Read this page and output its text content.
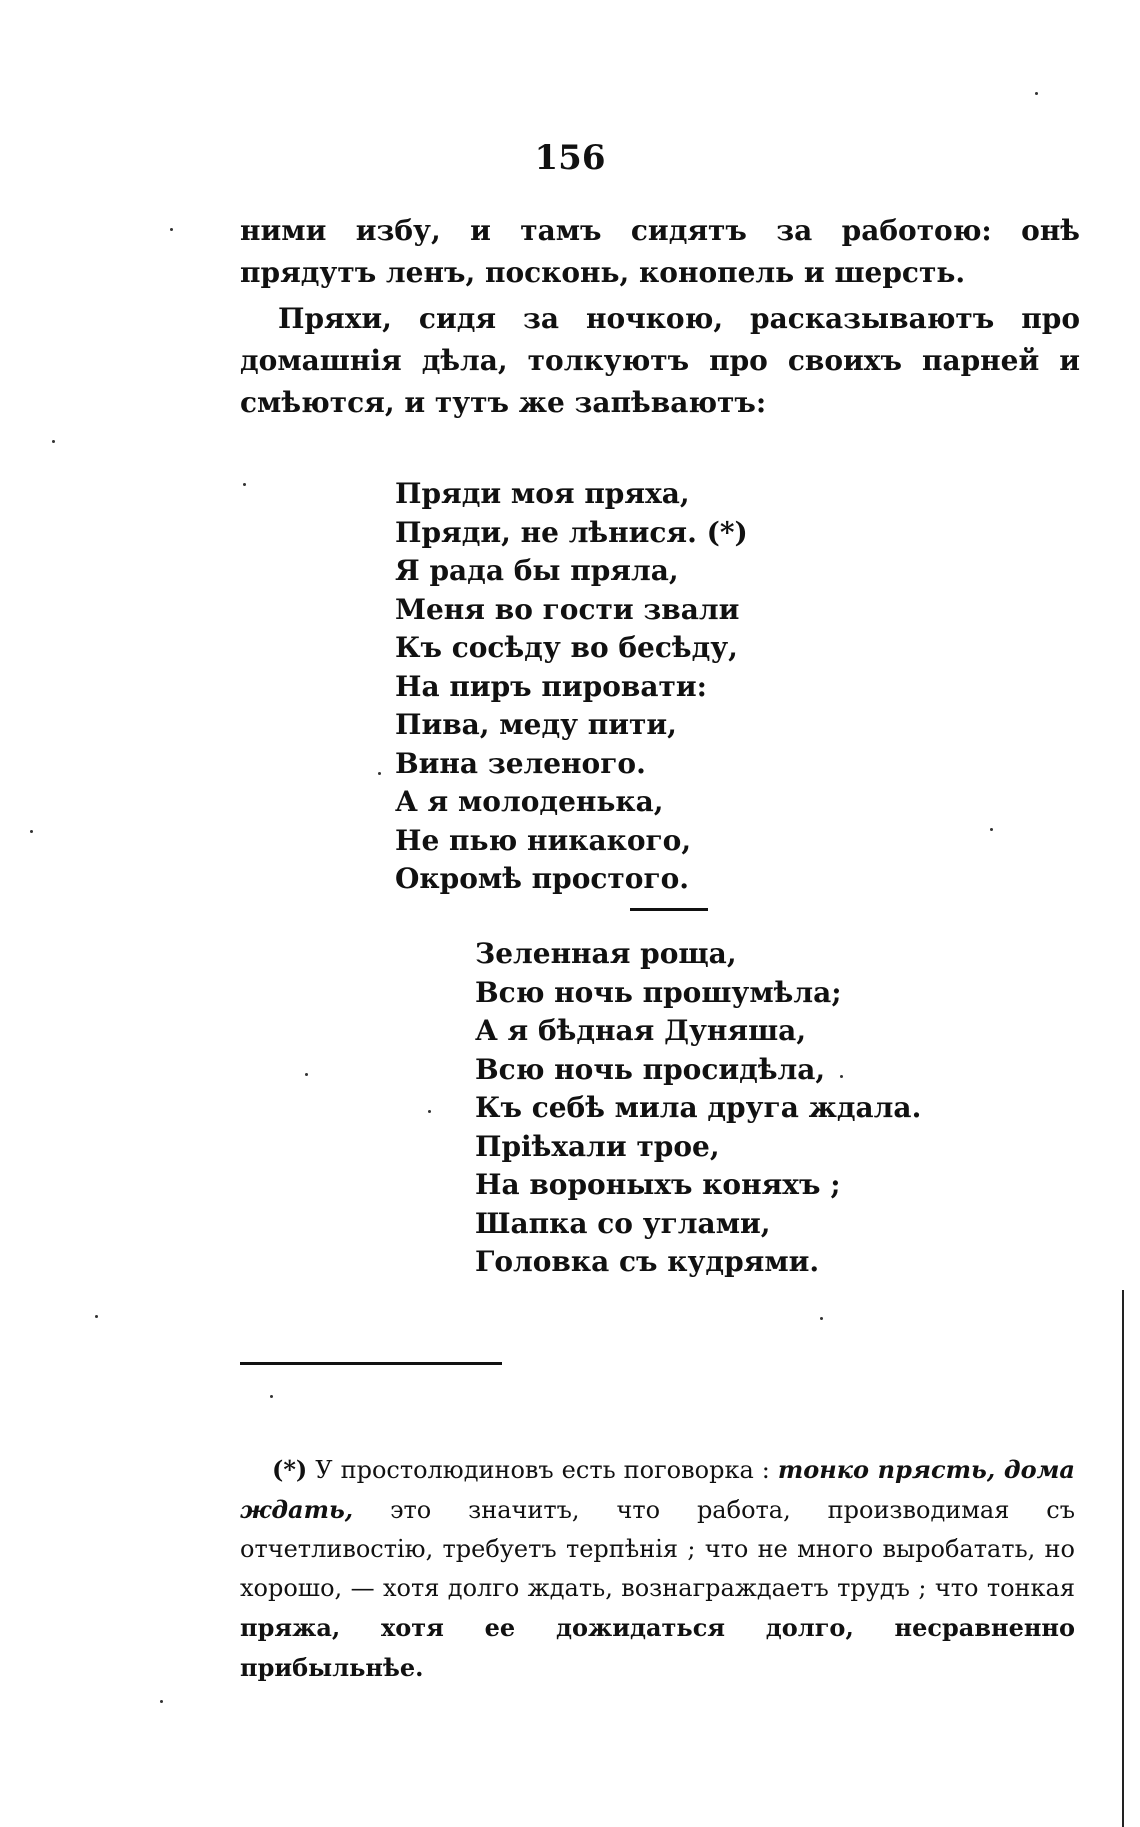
156

ними избу, и тамъ сидятъ за работою: онѣ прядутъ ленъ, посконь, конопель и шерсть.

Пряхи, сидя за ночкою, расказываютъ про домашнія дѣла, толкуютъ про своихъ парней и смѣются, и тутъ же запѣваютъ:

Пряди моя пряха,
Пряди, не лѣнися. (*)
Я рада бы пряла,
Меня во гости звали
Къ сосѣду во бесѣду,
На пиръ пировати:
Пива, меду пити,
Вина зеленого.
А я молоденька,
Не пью никакого,
Окромѣ простого.
Зеленная роща,
Всю ночь прошумѣла;
А я бѣдная Дуняша,
Всю ночь просидѣла,
Къ себѣ мила друга ждала.
Пріѣхали трое,
На вороныхъ коняхъ ;
Шапка со углами,
Головка съ кудрями.

(*) У простолюдиновъ есть поговорка : тонко прясть, дома ждать, это значитъ, что работа, производимая съ отчетливостію, требуетъ терпѣнія ; что не много выробатать, но хорошо, — хотя долго ждать, вознаграждаетъ трудъ ; что тонкая пряжа, хотя ее дожидаться долго, несравненно прибыльнѣе.
